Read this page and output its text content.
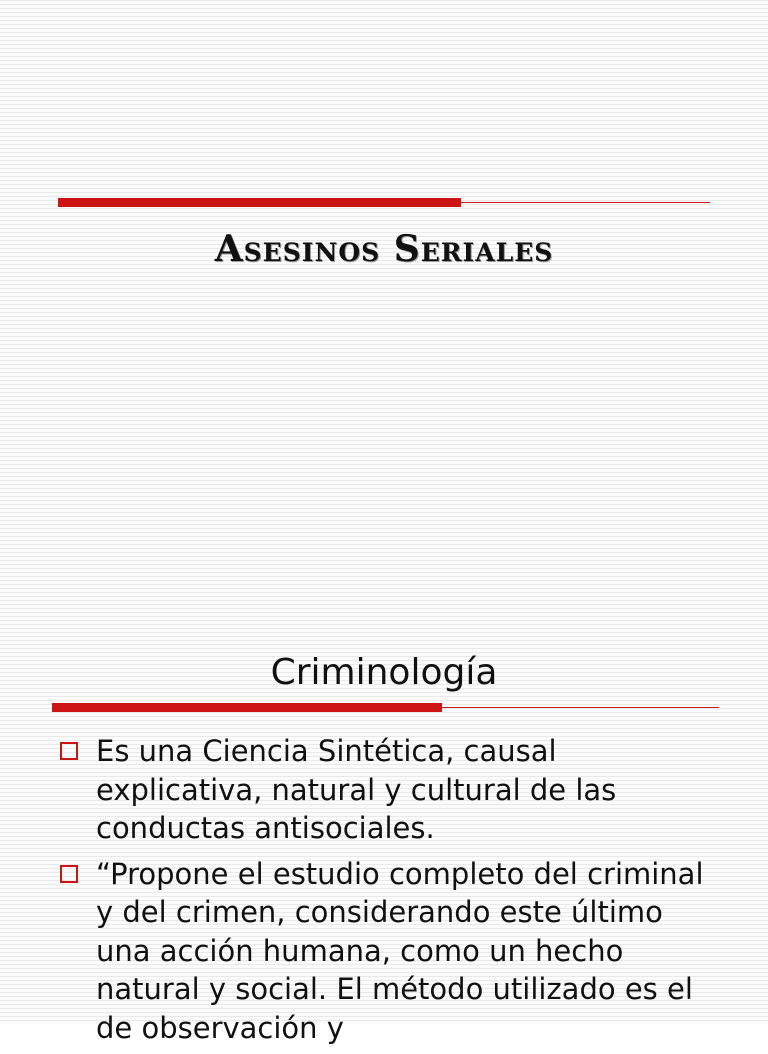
Asesinos Seriales
Criminología
Es una Ciencia Sintética, causal explicativa, natural y cultural de las conductas antisociales.
“Propone el estudio completo del criminal y del crimen, considerando este último una acción humana, como un hecho natural y social. El método utilizado es el de observación y
